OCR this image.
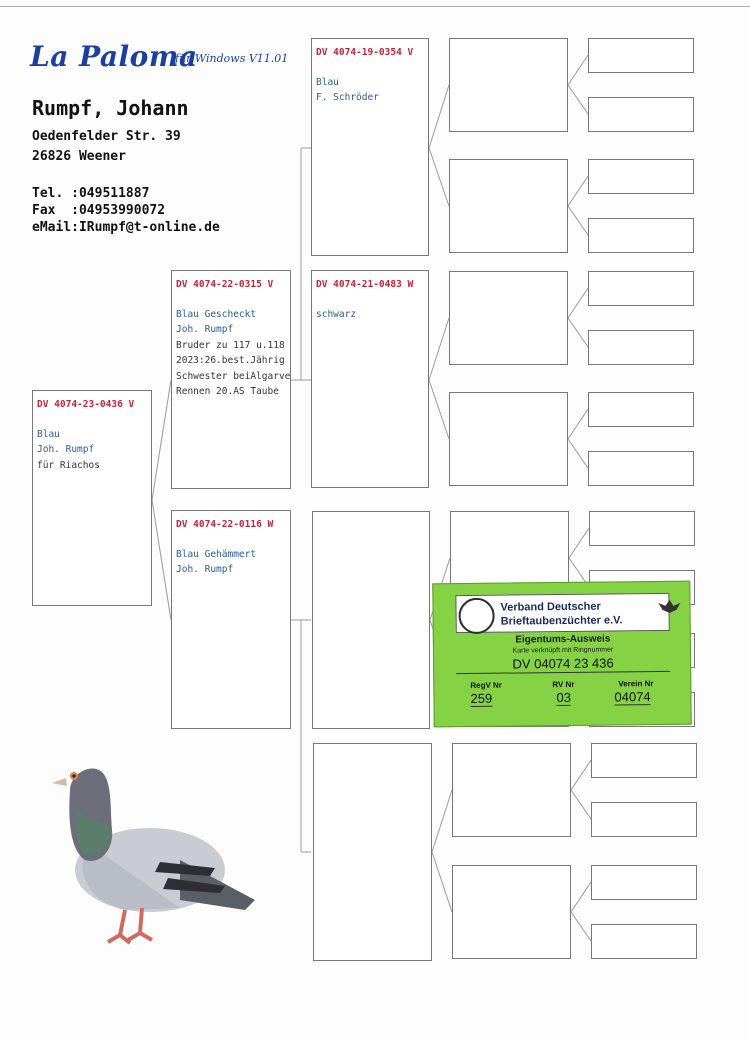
La Paloma
für Windows V11.01
Rumpf, Johann
Oedenfelder Str. 39
26826 Weener
Tel. :049511887
Fax  :04953990072
eMail:IRumpf@t-online.de
DV 4074-23-0436 V
Blau
Joh. Rumpf
für Riachos
DV 4074-22-0315 V
Blau Gescheckt
Joh. Rumpf
Bruder zu 117 u.118
2023:26.best.Jährig
Schwester beiAlgarve
Rennen 20.AS Taube
DV 4074-22-0116 W
Blau Gehämmert
Joh. Rumpf
DV 4074-19-0354 V
Blau
F. Schröder
DV 4074-21-0483 W
schwarz
Verband Deutscher
Brieftaubenzüchter e.V.
Eigentums-Ausweis
Karte verknüpft mit Ringnummer
DV 04074 23 436
RegV Nr	RV Nr	Verein Nr
259	03	04074
